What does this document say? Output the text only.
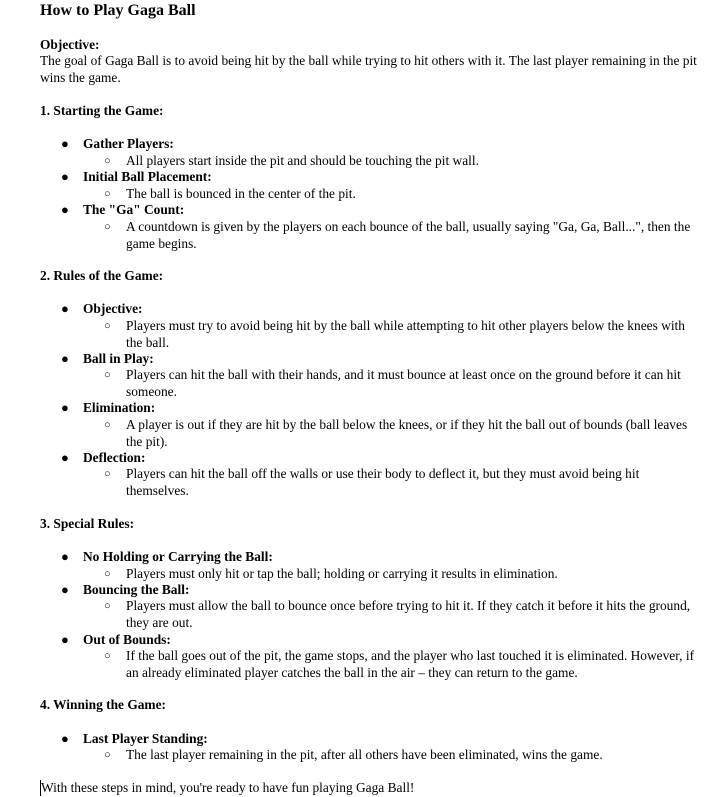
How to Play Gaga Ball
Objective:
The goal of Gaga Ball is to avoid being hit by the ball while trying to hit others with it. The last player remaining in the pit wins the game.
1. Starting the Game:
● Gather Players:
○ All players start inside the pit and should be touching the pit wall.
● Initial Ball Placement:
○ The ball is bounced in the center of the pit.
● The "Ga" Count:
○ A countdown is given by the players on each bounce of the ball, usually saying "Ga, Ga, Ball...", then the game begins.
2. Rules of the Game:
● Objective:
○ Players must try to avoid being hit by the ball while attempting to hit other players below the knees with the ball.
● Ball in Play:
○ Players can hit the ball with their hands, and it must bounce at least once on the ground before it can hit someone.
● Elimination:
○ A player is out if they are hit by the ball below the knees, or if they hit the ball out of bounds (ball leaves the pit).
● Deflection:
○ Players can hit the ball off the walls or use their body to deflect it, but they must avoid being hit themselves.
3. Special Rules:
● No Holding or Carrying the Ball:
○ Players must only hit or tap the ball; holding or carrying it results in elimination.
● Bouncing the Ball:
○ Players must allow the ball to bounce once before trying to hit it. If they catch it before it hits the ground, they are out.
● Out of Bounds:
○ If the ball goes out of the pit, the game stops, and the player who last touched it is eliminated. However, if an already eliminated player catches the ball in the air – they can return to the game.
4. Winning the Game:
● Last Player Standing:
○ The last player remaining in the pit, after all others have been eliminated, wins the game.
With these steps in mind, you're ready to have fun playing Gaga Ball!
